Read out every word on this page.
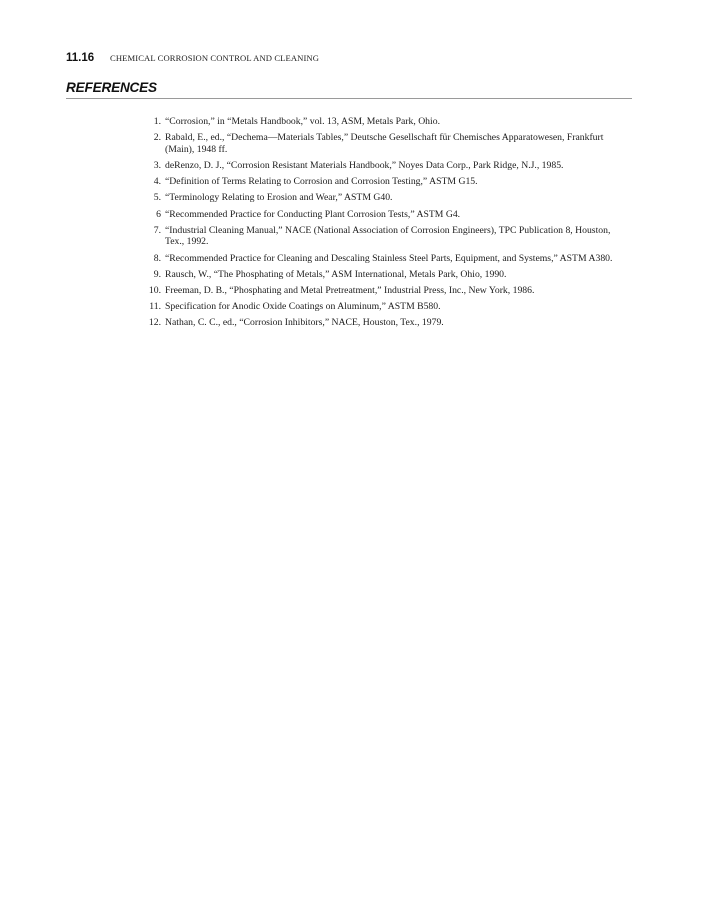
11.16	CHEMICAL CORROSION CONTROL AND CLEANING
REFERENCES
1. “Corrosion,” in “Metals Handbook,” vol. 13, ASM, Metals Park, Ohio.
2. Rabald, E., ed., “Dechema—Materials Tables,” Deutsche Gesellschaft für Chemisches Apparatowesen, Frankfurt (Main), 1948 ff.
3. deRenzo, D. J., “Corrosion Resistant Materials Handbook,” Noyes Data Corp., Park Ridge, N.J., 1985.
4. “Definition of Terms Relating to Corrosion and Corrosion Testing,” ASTM G15.
5. “Terminology Relating to Erosion and Wear,” ASTM G40.
6 “Recommended Practice for Conducting Plant Corrosion Tests,” ASTM G4.
7. “Industrial Cleaning Manual,” NACE (National Association of Corrosion Engineers), TPC Publication 8, Houston, Tex., 1992.
8. “Recommended Practice for Cleaning and Descaling Stainless Steel Parts, Equipment, and Systems,” ASTM A380.
9. Rausch, W., “The Phosphating of Metals,” ASM International, Metals Park, Ohio, 1990.
10. Freeman, D. B., “Phosphating and Metal Pretreatment,” Industrial Press, Inc., New York, 1986.
11. Specification for Anodic Oxide Coatings on Aluminum,” ASTM B580.
12. Nathan, C. C., ed., “Corrosion Inhibitors,” NACE, Houston, Tex., 1979.
